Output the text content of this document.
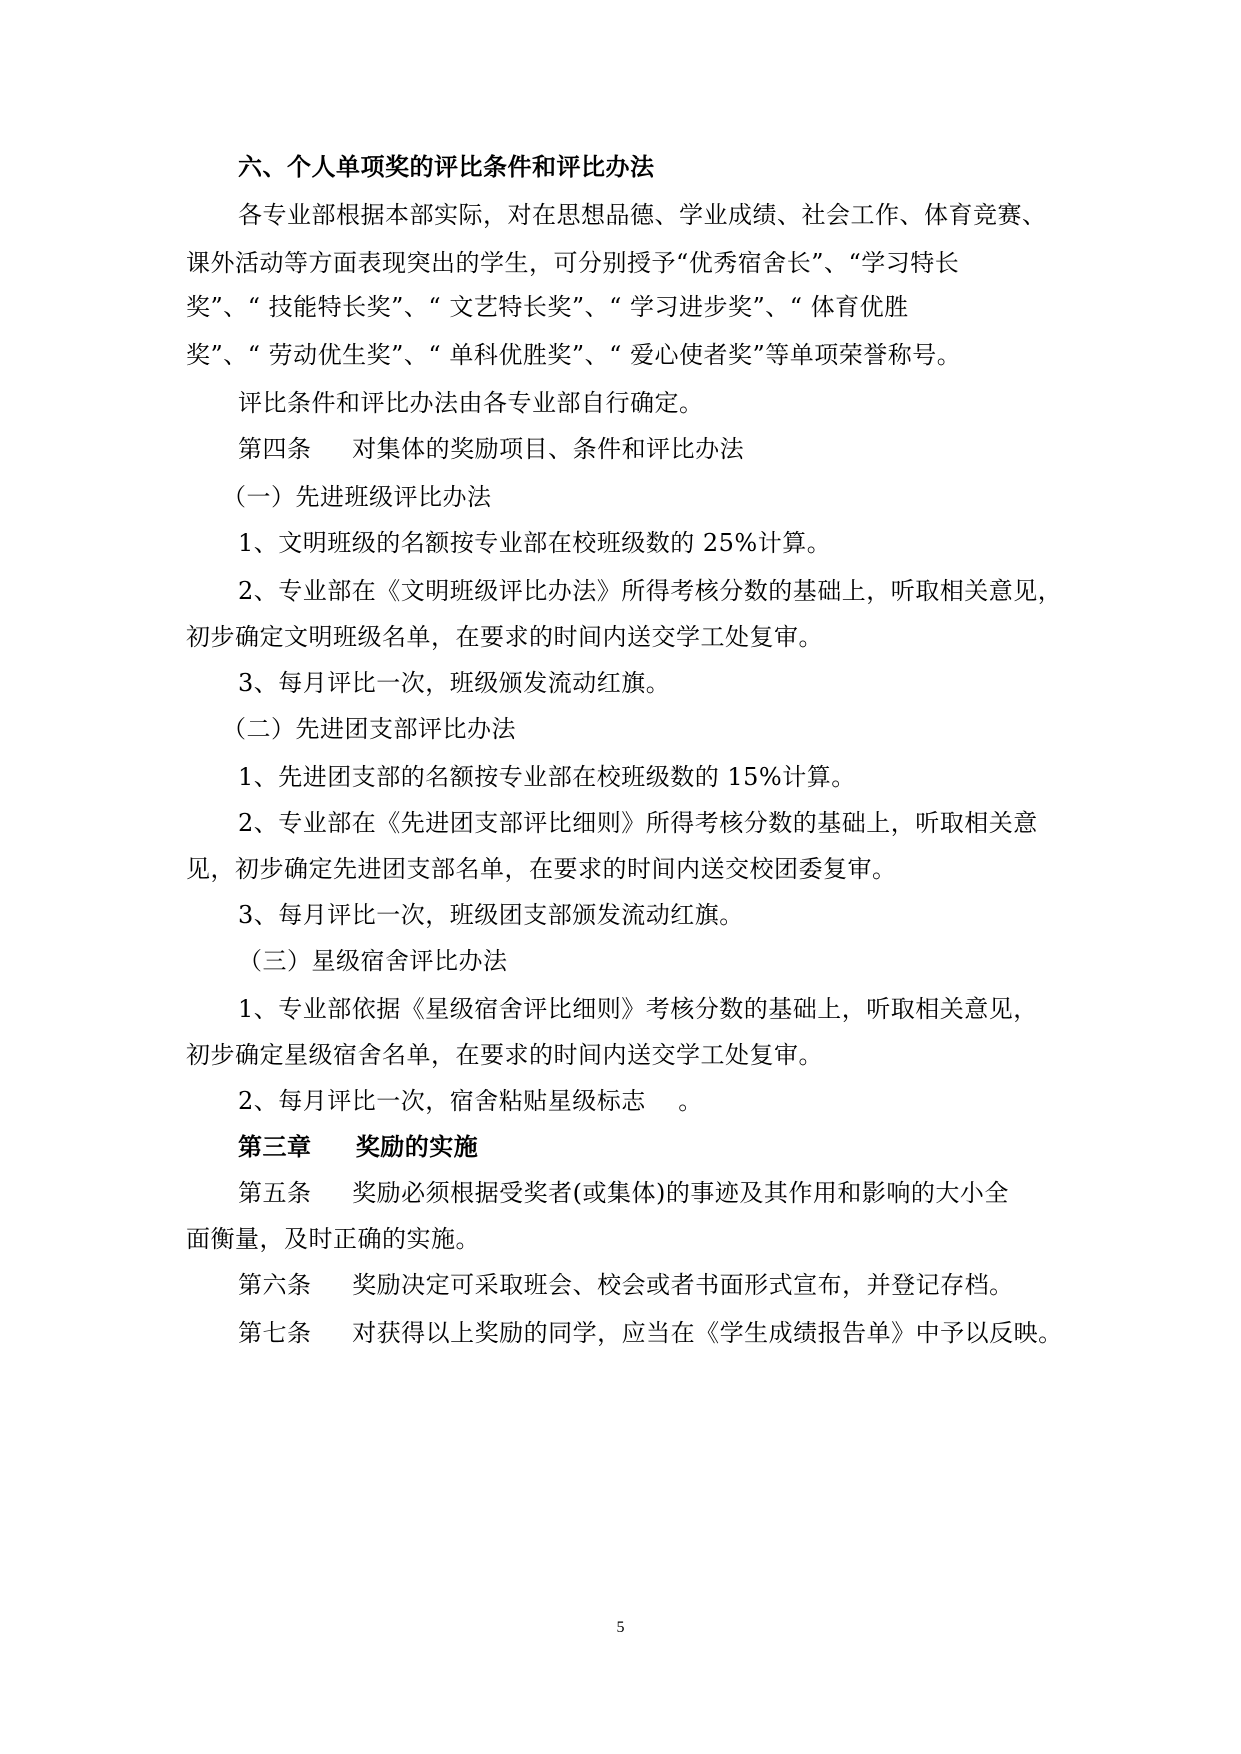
六、个人单项奖的评比条件和评比办法
各专业部根据本部实际，对在思想品德、学业成绩、社会工作、体育竞赛、
课外活动等方面表现突出的学生，可分别授予“优秀宿舍长”、“学习特长
奖”、“ 技能特长奖”、“ 文艺特长奖”、“ 学习进步奖”、“ 体育优胜
奖”、“ 劳动优生奖”、“ 单科优胜奖”、“ 爱心使者奖”等单项荣誉称号。
评比条件和评比办法由各专业部自行确定。
第四条     对集体的奖励项目、条件和评比办法
（一）先进班级评比办法
1、文明班级的名额按专业部在校班级数的 25%计算。
2、专业部在《文明班级评比办法》所得考核分数的基础上，听取相关意见，
初步确定文明班级名单，在要求的时间内送交学工处复审。
3、每月评比一次，班级颁发流动红旗。
（二）先进团支部评比办法
1、先进团支部的名额按专业部在校班级数的 15%计算。
2、专业部在《先进团支部评比细则》所得考核分数的基础上，听取相关意
见，初步确定先进团支部名单，在要求的时间内送交校团委复审。
3、每月评比一次，班级团支部颁发流动红旗。
（三）星级宿舍评比办法
1、专业部依据《星级宿舍评比细则》考核分数的基础上，听取相关意见，
初步确定星级宿舍名单，在要求的时间内送交学工处复审。
2、每月评比一次，宿舍粘贴星级标志    。
第三章     奖励的实施
第五条     奖励必须根据受奖者(或集体)的事迹及其作用和影响的大小全
面衡量，及时正确的实施。
第六条     奖励决定可采取班会、校会或者书面形式宣布，并登记存档。
第七条     对获得以上奖励的同学，应当在《学生成绩报告单》中予以反映。
5
